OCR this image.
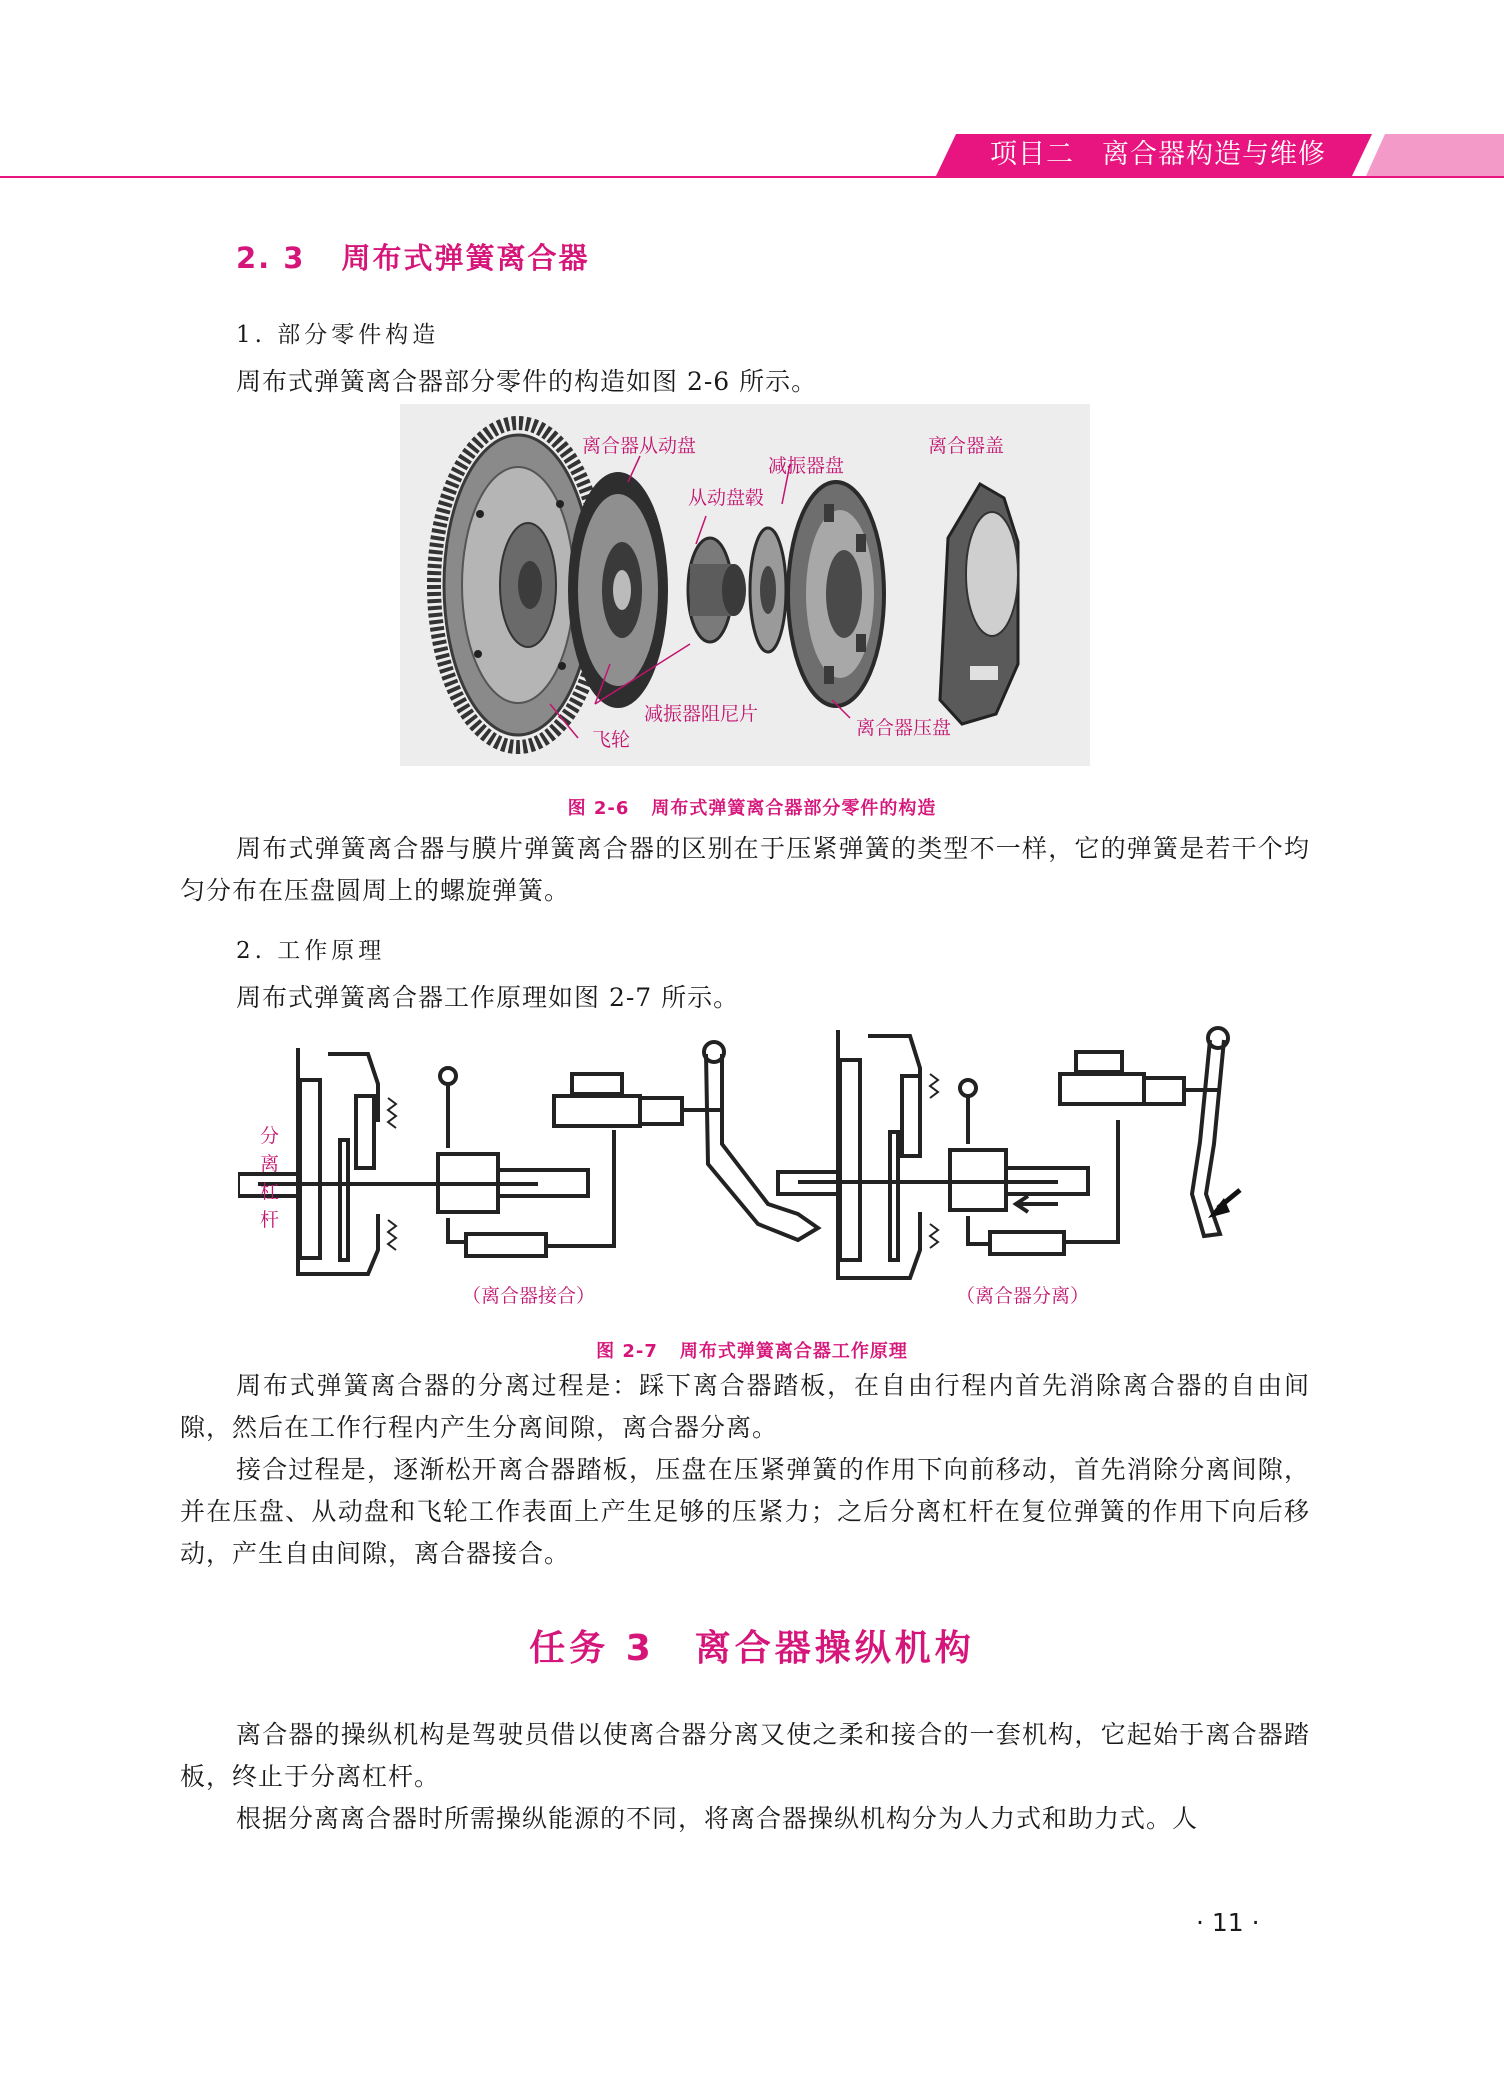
项目二 离合器构造与维修
2. 3 周布式弹簧离合器
1. 部分零件构造
周布式弹簧离合器部分零件的构造如图 2-6 所示。
离合器从动盘
减振器盘
从动盘毂
离合器盖
减振器阻尼片
飞轮
离合器压盘
图 2-6 周布式弹簧离合器部分零件的构造

周布式弹簧离合器与膜片弹簧离合器的区别在于压紧弹簧的类型不一样，它的弹簧是若干个均匀分布在压盘圆周上的螺旋弹簧。

2. 工作原理
周布式弹簧离合器工作原理如图 2-7 所示。
分
离
杠
杆
（离合器接合）	（离合器分离）
图 2-7 周布式弹簧离合器工作原理

周布式弹簧离合器的分离过程是：踩下离合器踏板，在自由行程内首先消除离合器的自由间隙，然后在工作行程内产生分离间隙，离合器分离。

接合过程是，逐渐松开离合器踏板，压盘在压紧弹簧的作用下向前移动，首先消除分离间隙，并在压盘、从动盘和飞轮工作表面上产生足够的压紧力；之后分离杠杆在复位弹簧的作用下向后移动，产生自由间隙，离合器接合。

任务 3 离合器操纵机构

离合器的操纵机构是驾驶员借以使离合器分离又使之柔和接合的一套机构，它起始于离合器踏板，终止于分离杠杆。

根据分离离合器时所需操纵能源的不同，将离合器操纵机构分为人力式和助力式。人

· 11 ·
